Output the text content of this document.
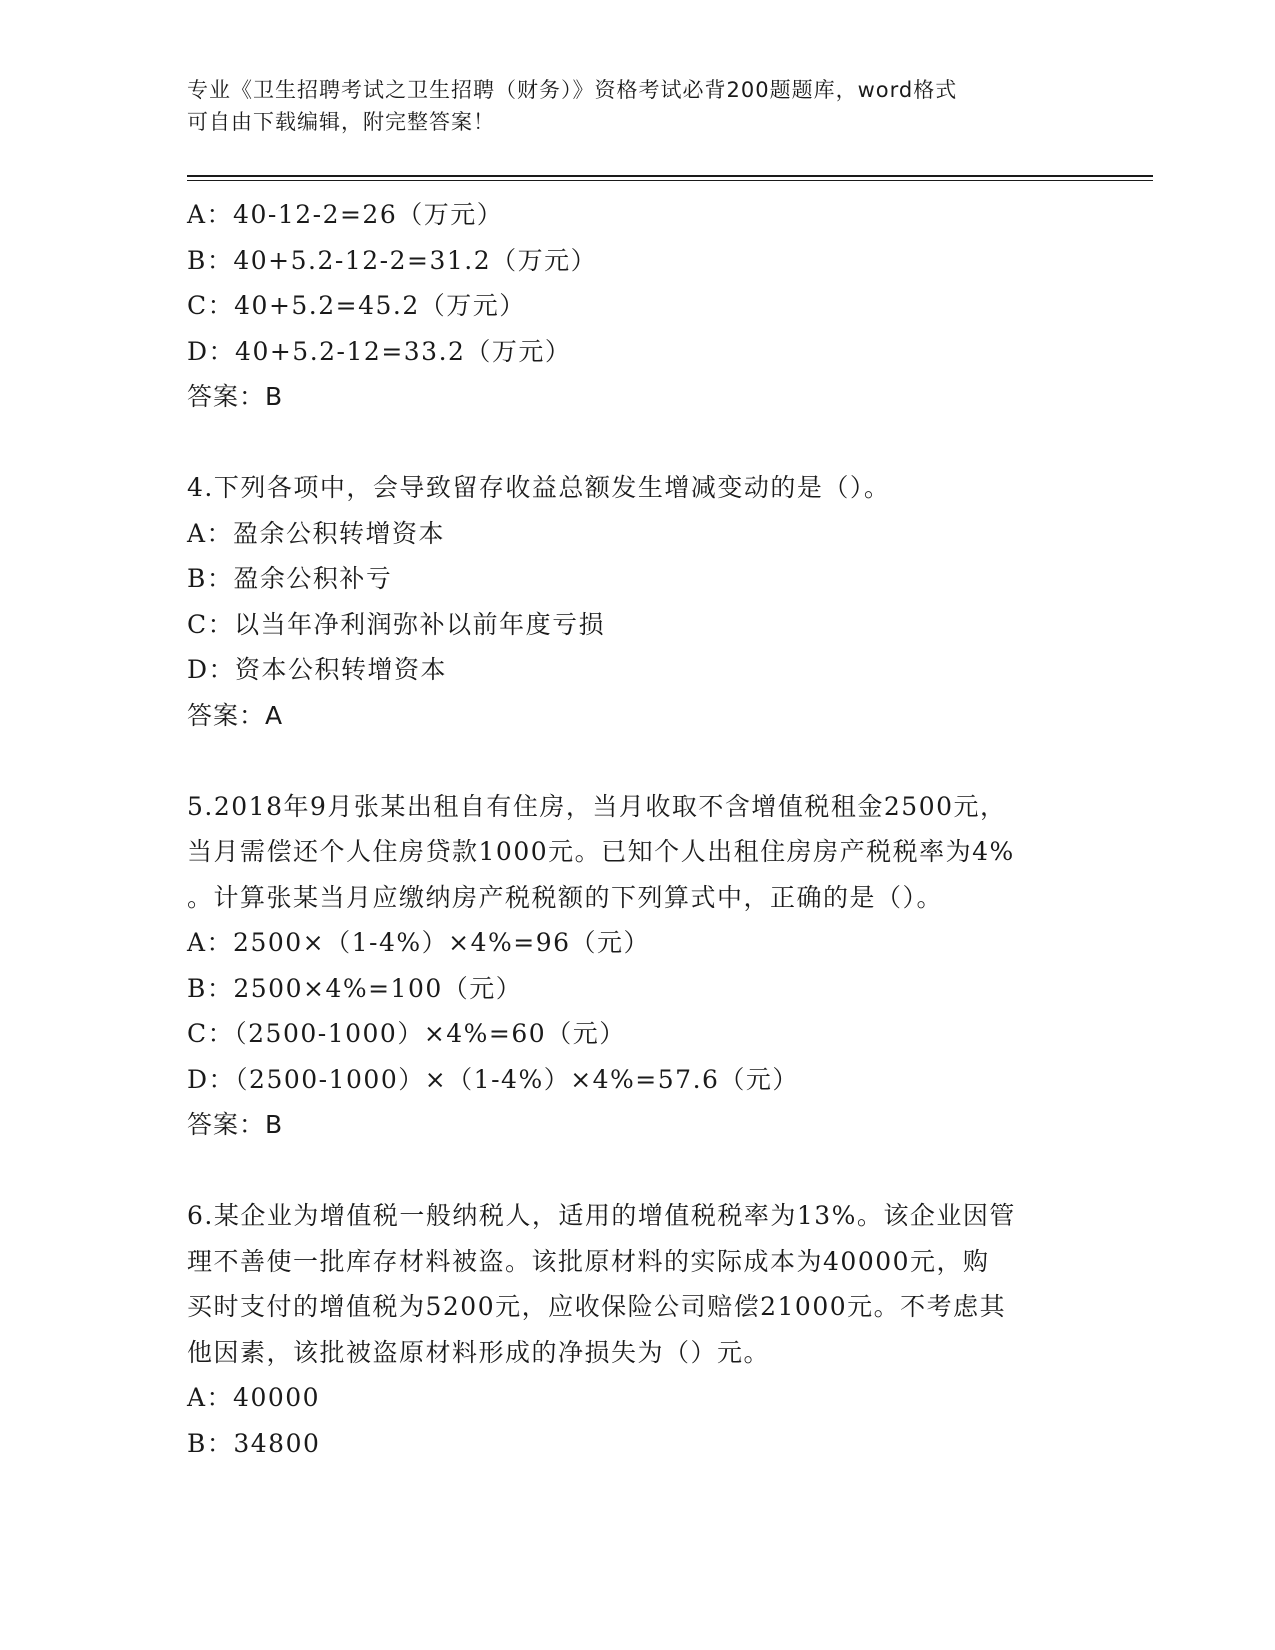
专业《卫生招聘考试之卫生招聘（财务）》资格考试必背200题题库，word格式
可自由下载编辑，附完整答案！
A：40-12-2=26（万元）
B：40+5.2-12-2=31.2（万元）
C：40+5.2=45.2（万元）
D：40+5.2-12=33.2（万元）
答案：B
4.下列各项中，会导致留存收益总额发生增减变动的是（）。
A：盈余公积转增资本
B：盈余公积补亏
C：以当年净利润弥补以前年度亏损
D：资本公积转增资本
答案：A
5.2018年9月张某出租自有住房，当月收取不含增值税租金2500元，
当月需偿还个人住房贷款1000元。已知个人出租住房房产税税率为4%
。计算张某当月应缴纳房产税税额的下列算式中，正确的是（）。
A：2500×（1-4%）×4%=96（元）
B：2500×4%=100（元）
C：（2500-1000）×4%=60（元）
D：（2500-1000）×（1-4%）×4%=57.6（元）
答案：B
6.某企业为增值税一般纳税人，适用的增值税税率为13%。该企业因管
理不善使一批库存材料被盗。该批原材料的实际成本为40000元，购
买时支付的增值税为5200元，应收保险公司赔偿21000元。不考虑其
他因素，该批被盗原材料形成的净损失为（）元。
A：40000
B：34800
